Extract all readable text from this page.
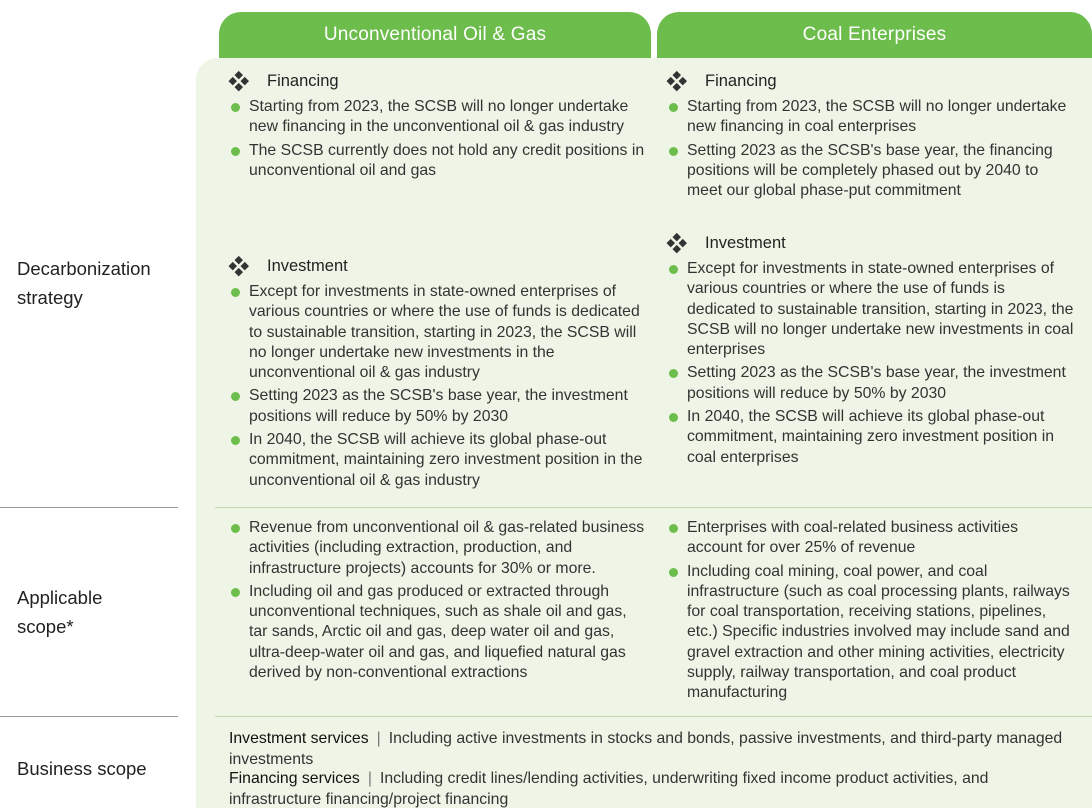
Unconventional Oil & Gas	Coal Enterprises
Decarbonization strategy
Applicable scope*
Business scope
Financing
Starting from 2023, the SCSB will no longer undertake new financing in the unconventional oil & gas industry
The SCSB currently does not hold any credit positions in unconventional oil and gas
Investment
Except for investments in state-owned enterprises of various countries or where the use of funds is dedicated to sustainable transition, starting in 2023, the SCSB will no longer undertake new investments in the unconventional oil & gas industry
Setting 2023 as the SCSB's base year, the investment positions will reduce by 50% by 2030
In 2040, the SCSB will achieve its global phase-out commitment, maintaining zero investment position in the unconventional oil & gas industry
Financing
Starting from 2023, the SCSB will no longer undertake new financing in coal enterprises
Setting 2023 as the SCSB's base year, the financing positions will be completely phased out by 2040 to meet our global phase-put commitment
Investment
Except for investments in state-owned enterprises of various countries or where the use of funds is dedicated to sustainable transition, starting in 2023, the SCSB will no longer undertake new investments in coal enterprises
Setting 2023 as the SCSB's base year, the investment positions will reduce by 50% by 2030
In 2040, the SCSB will achieve its global phase-out commitment, maintaining zero investment position in coal enterprises
Revenue from unconventional oil & gas-related business activities (including extraction, production, and infrastructure projects) accounts for 30% or more.
Including oil and gas produced or extracted through unconventional techniques, such as shale oil and gas, tar sands, Arctic oil and gas, deep water oil and gas, ultra-deep-water oil and gas, and liquefied natural gas derived by non-conventional extractions
Enterprises with coal-related business activities account for over 25% of revenue
Including coal mining, coal power, and coal infrastructure (such as coal processing plants, railways for coal transportation, receiving stations, pipelines, etc.) Specific industries involved may include sand and gravel extraction and other mining activities, electricity supply, railway transportation, and coal product manufacturing
Investment services | Including active investments in stocks and bonds, passive investments, and third-party managed investments
Financing services | Including credit lines/lending activities, underwriting fixed income product activities, and infrastructure financing/project financing
